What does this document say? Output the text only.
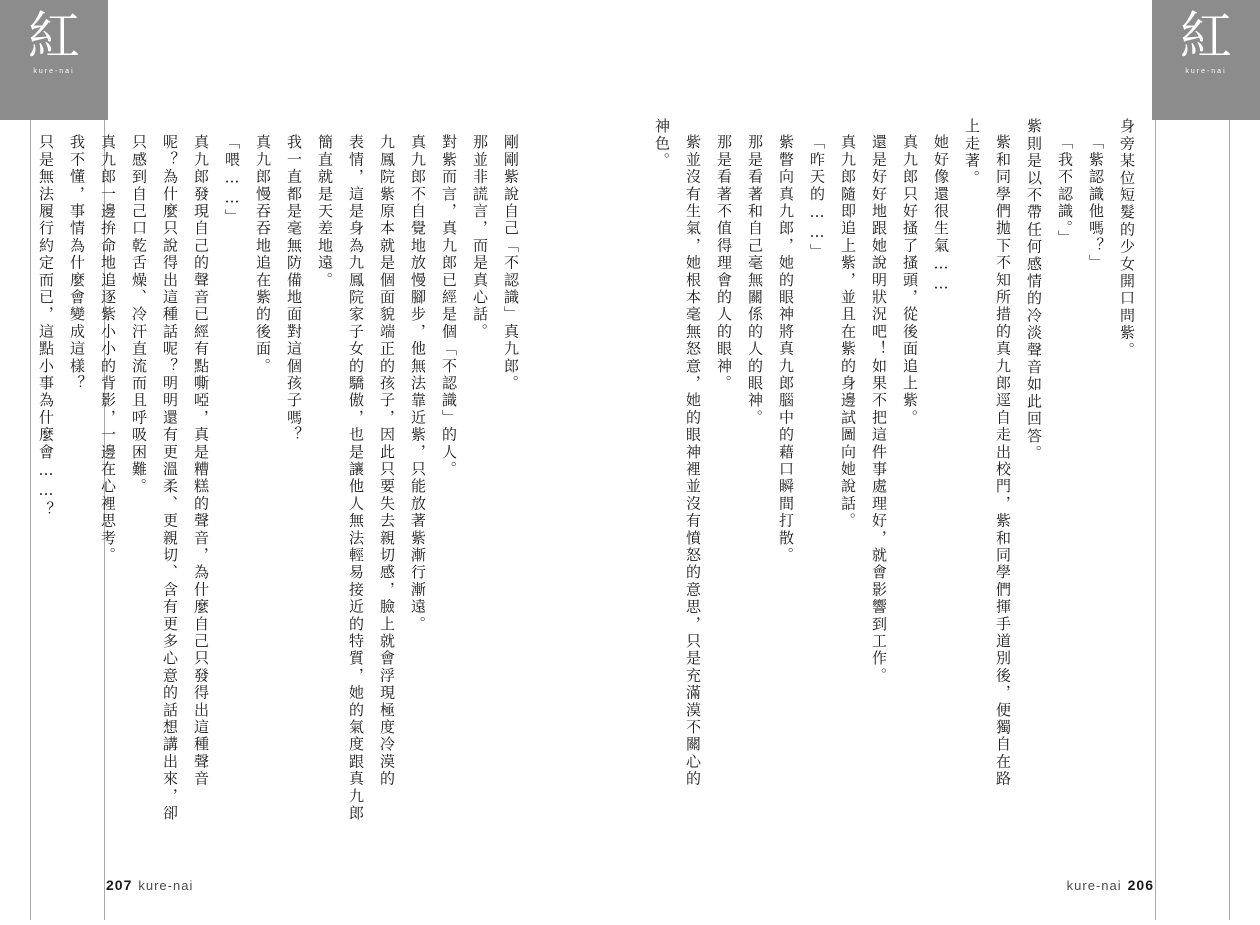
紅
kure-nai
紅
kure-nai
身旁某位短髮的少女開口問紫。
「紫認識他嗎？」
「我不認識。」
紫則是以不帶任何感情的冷淡聲音如此回答。
紫和同學們拋下不知所措的真九郎逕自走出校門，紫和同學們揮手道別後，便獨自在路
上走著。
她好像還很生氣……
真九郎只好搔了搔頭，從後面追上紫。
還是好好地跟她說明狀況吧！如果不把這件事處理好，就會影響到工作。
真九郎隨即追上紫，並且在紫的身邊試圖向她說話。
「昨天的……」
紫瞥向真九郎，她的眼神將真九郎腦中的藉口瞬間打散。
那是看著和自己毫無關係的人的眼神。
那是看著不值得理會的人的眼神。
紫並沒有生氣，她根本毫無怒意，她的眼神裡並沒有憤怒的意思，只是充滿漠不關心的
神色。
剛剛紫說自己「不認識」真九郎。
那並非謊言，而是真心話。
對紫而言，真九郎已經是個「不認識」的人。
真九郎不自覺地放慢腳步，他無法靠近紫，只能放著紫漸行漸遠。
九鳳院紫原本就是個面貌端正的孩子，因此只要失去親切感，臉上就會浮現極度冷漠的
表情，這是身為九鳳院家子女的驕傲，也是讓他人無法輕易接近的特質，她的氣度跟真九郎
簡直就是天差地遠。
我一直都是毫無防備地面對這個孩子嗎？
真九郎慢吞吞地追在紫的後面。
「喂……」
真九郎發現自己的聲音已經有點嘶啞，真是糟糕的聲音，為什麼自己只發得出這種聲音
呢？為什麼只說得出這種話呢？明明還有更溫柔、更親切、含有更多心意的話想講出來，卻
只感到自己口乾舌燥、冷汗直流而且呼吸困難。
真九郎一邊拚命地追逐紫小小的背影，一邊在心裡思考。
我不懂，事情為什麼會變成這樣？
只是無法履行約定而已，這點小事為什麼會……？
207 kure-nai	kure-nai 206
